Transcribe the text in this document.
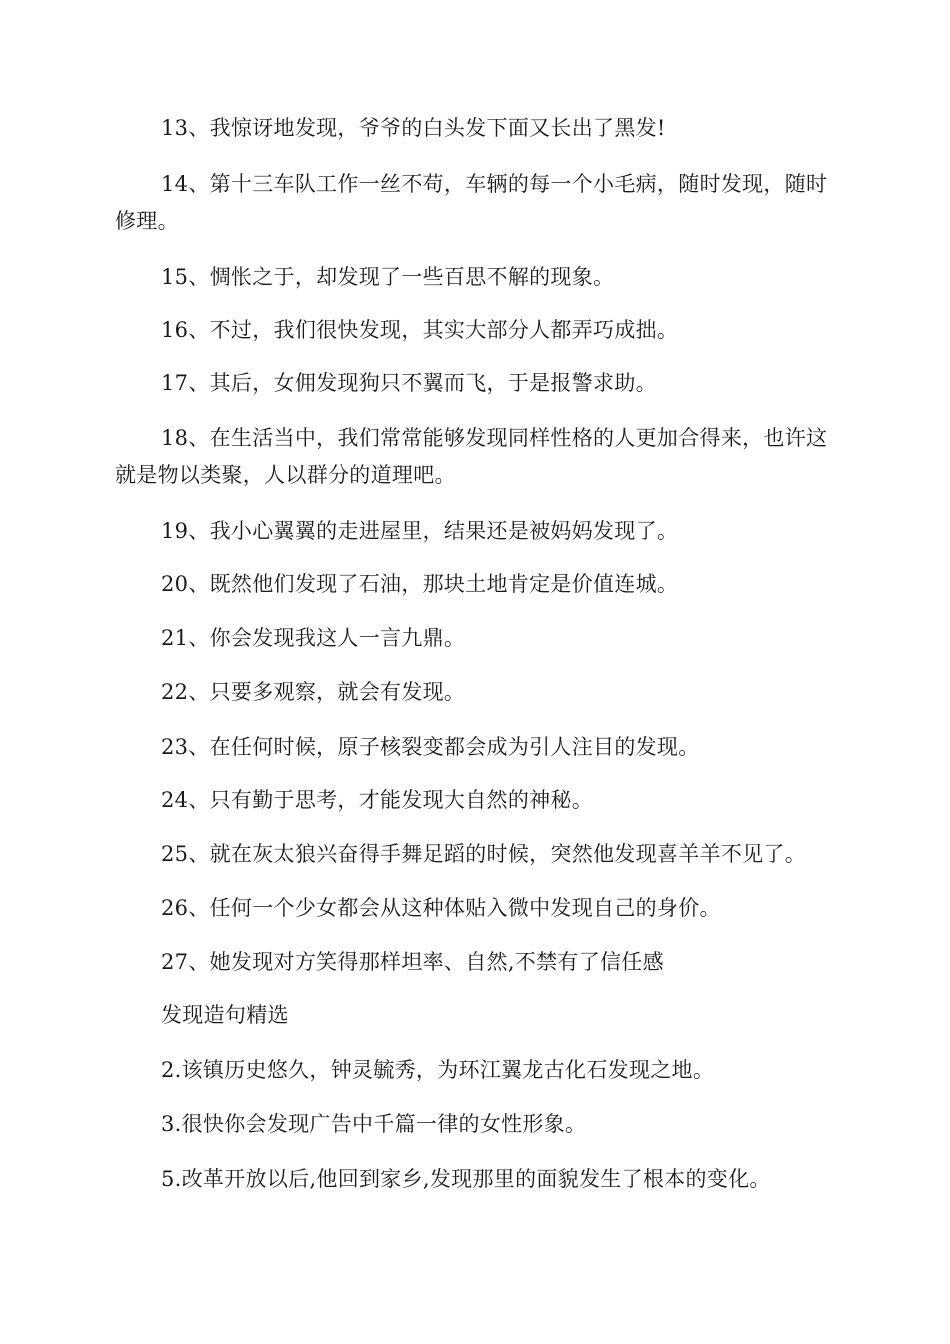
13、我惊讶地发现，爷爷的白头发下面又长出了黑发!

14、第十三车队工作一丝不苟，车辆的每一个小毛病，随时发现，随时修理。

15、惆怅之于，却发现了一些百思不解的现象。

16、不过，我们很快发现，其实大部分人都弄巧成拙。

17、其后，女佣发现狗只不翼而飞，于是报警求助。

18、在生活当中，我们常常能够发现同样性格的人更加合得来，也许这就是物以类聚，人以群分的道理吧。

19、我小心翼翼的走进屋里，结果还是被妈妈发现了。

20、既然他们发现了石油，那块土地肯定是价值连城。

21、你会发现我这人一言九鼎。

22、只要多观察，就会有发现。

23、在任何时候，原子核裂变都会成为引人注目的发现。

24、只有勤于思考，才能发现大自然的神秘。

25、就在灰太狼兴奋得手舞足蹈的时候，突然他发现喜羊羊不见了。

26、任何一个少女都会从这种体贴入微中发现自己的身价。

27、她发现对方笑得那样坦率、自然,不禁有了信任感

发现造句精选

2.该镇历史悠久，钟灵毓秀，为环江翼龙古化石发现之地。

3.很快你会发现广告中千篇一律的女性形象。

5.改革开放以后,他回到家乡,发现那里的面貌发生了根本的变化。
